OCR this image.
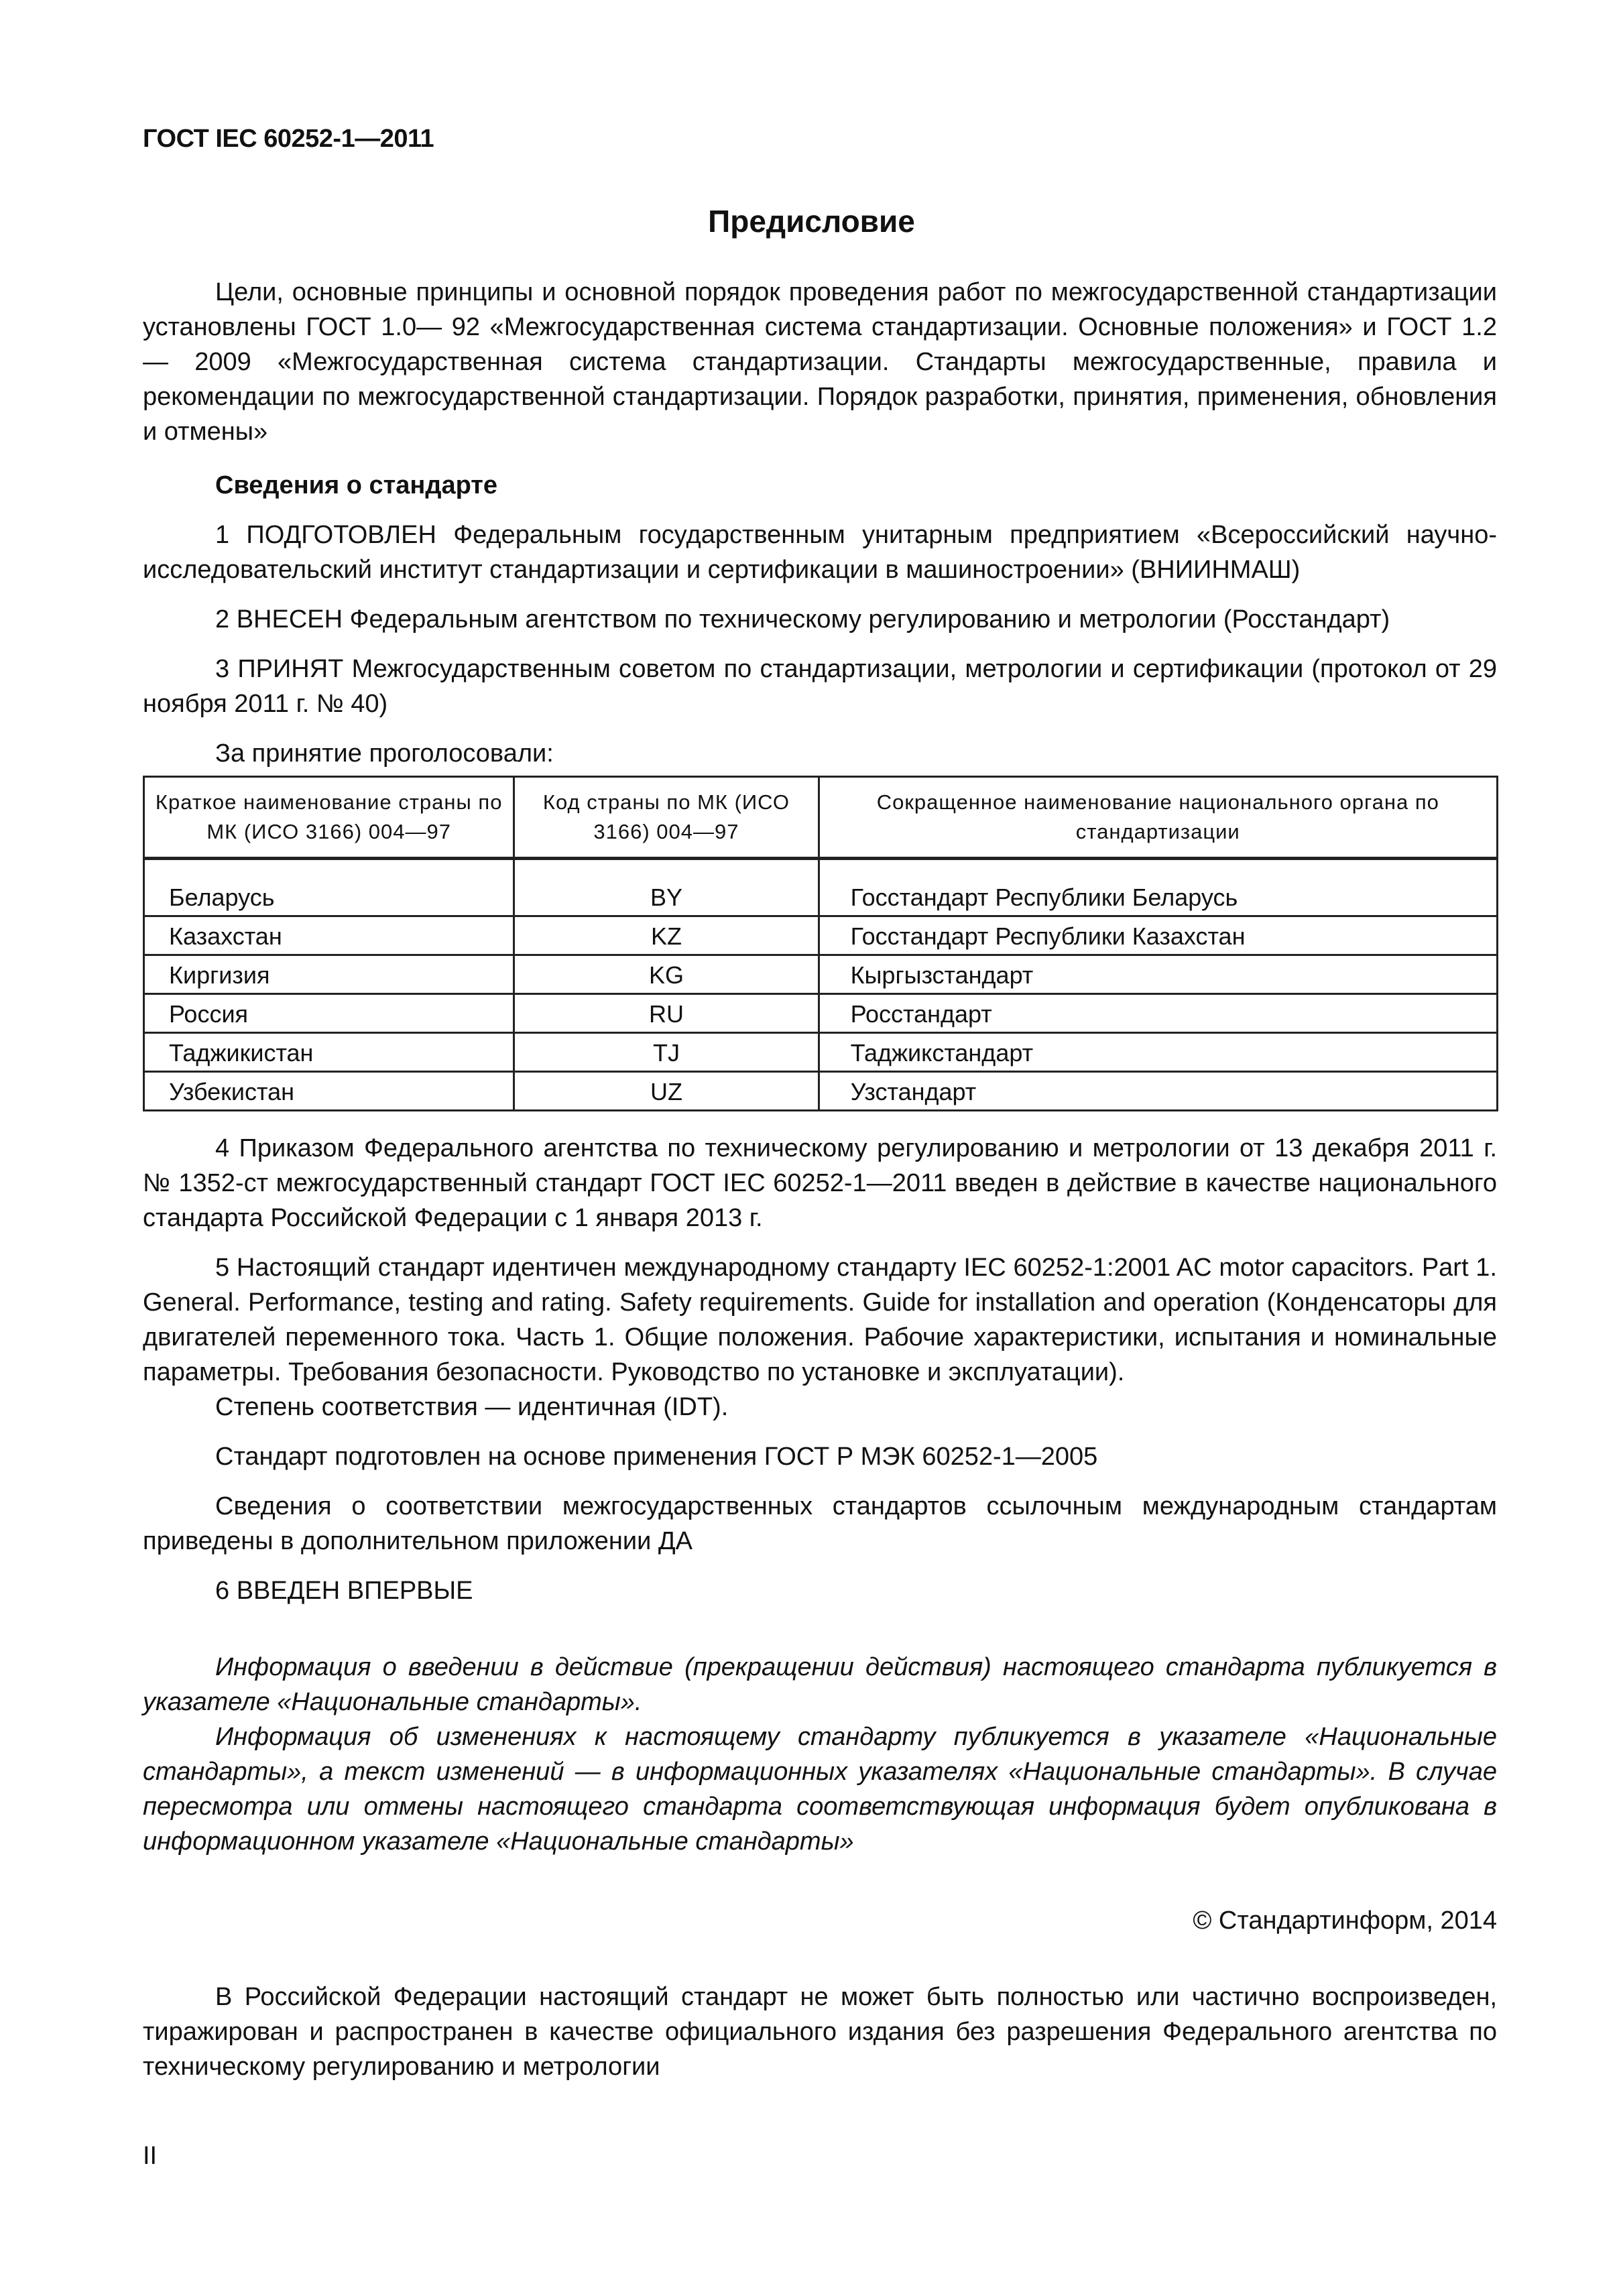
ГОСТ IEC 60252-1—2011
Предисловие

Цели, основные принципы и основной порядок проведения работ по межгосударственной стандартизации установлены ГОСТ 1.0— 92 «Межгосударственная система стандартизации. Основные положения» и ГОСТ 1.2 — 2009 «Межгосударственная система стандартизации. Стандарты межгосударственные, правила и рекомендации по межгосударственной стандартизации. Порядок разработки, принятия, применения, обновления и отмены»

Сведения о стандарте

1 ПОДГОТОВЛЕН Федеральным государственным унитарным предприятием «Всероссийский научно-исследовательский институт стандартизации и сертификации в машиностроении» (ВНИИНМАШ)

2 ВНЕСЕН Федеральным агентством по техническому регулированию и метрологии (Росстандарт)

3 ПРИНЯТ Межгосударственным советом по стандартизации, метрологии и сертификации (протокол от 29 ноября 2011 г. № 40)

За принятие проголосовали:

Краткое наименование страны по МК (ИСО 3166) 004—97	Код страны по МК (ИСО 3166) 004—97	Сокращенное наименование национального органа по стандартизации
Беларусь	BY	Госстандарт Республики Беларусь
Казахстан	KZ	Госстандарт Республики Казахстан
Киргизия	KG	Кыргызстандарт
Россия	RU	Росстандарт
Таджикистан	TJ	Таджикстандарт
Узбекистан	UZ	Узстандарт

4 Приказом Федерального агентства по техническому регулированию и метрологии от 13 декабря 2011 г. № 1352-ст межгосударственный стандарт ГОСТ IEC 60252-1—2011 введен в действие в качестве национального стандарта Российской Федерации с 1 января 2013 г.

5 Настоящий стандарт идентичен международному стандарту IEC 60252-1:2001 AC motor capacitors. Part 1. General. Performance, testing and rating. Safety requirements. Guide for installation and operation (Конденсаторы для двигателей переменного тока. Часть 1. Общие положения. Рабочие характеристики, испытания и номинальные параметры. Требования безопасности. Руководство по установке и эксплуатации).

Степень соответствия — идентичная (IDT).

Стандарт подготовлен на основе применения ГОСТ Р МЭК 60252-1—2005

Сведения о соответствии межгосударственных стандартов ссылочным международным стандартам приведены в дополнительном приложении ДА

6 ВВЕДЕН ВПЕРВЫЕ

Информация о введении в действие (прекращении действия) настоящего стандарта публикуется в указателе «Национальные стандарты».

Информация об изменениях к настоящему стандарту публикуется в указателе «Национальные стандарты», а текст изменений — в информационных указателях «Национальные стандарты». В случае пересмотра или отмены настоящего стандарта соответствующая информация будет опубликована в информационном указателе «Национальные стандарты»

© Стандартинформ, 2014

В Российской Федерации настоящий стандарт не может быть полностью или частично воспроизведен, тиражирован и распространен в качестве официального издания без разрешения Федерального агентства по техническому регулированию и метрологии

II
